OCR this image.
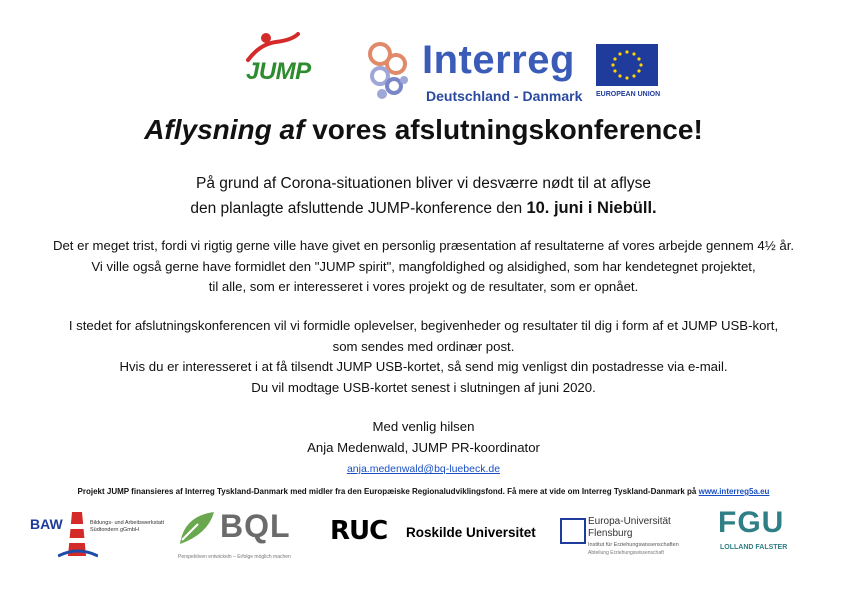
JUMP	Interreg
Deutschland - Danmark EUROPEAN UNION
Aflysning af vores afslutningskonference!
På grund af Corona-situationen bliver vi desværre nødt til at aflyse
den planlagte afsluttende JUMP-konference den 10. juni i Niebüll.
Det er meget trist, fordi vi rigtig gerne ville have givet en personlig præsentation af resultaterne af vores arbejde gennem 4½ år.
Vi ville også gerne have formidlet den "JUMP spirit", mangfoldighed og alsidighed, som har kendetegnet projektet,
til alle, som er interesseret i vores projekt og de resultater, som er opnået.
I stedet for afslutningskonferencen vil vi formidle oplevelser, begivenheder og resultater til dig i form af et JUMP USB-kort,
som sendes med ordinær post.
Hvis du er interesseret i at få tilsendt JUMP USB-kortet, så send mig venligst din postadresse via e-mail.
Du vil modtage USB-kortet senest i slutningen af juni 2020.
Med venlig hilsen
Anja Medenwald, JUMP PR-koordinator
anja.medenwald@bq-luebeck.de
Projekt JUMP finansieres af Interreg Tyskland-Danmark med midler fra den Europæiske Regionaludviklingsfond. Få mere at vide om Interreg Tyskland-Danmark på www.interreg5a.eu
BAW	Bildungs- und Arbeitswerkstatt
Südtondern gGmbH	BQL
Perspektiven entwickeln – Erfolge möglich machen
RUC Roskilde Universitet
Europa-Universität
Flensburg
Institut für Erziehungswissenschaften
Abteilung Erziehungswissenschaft
FGU
LOLLAND FALSTER
